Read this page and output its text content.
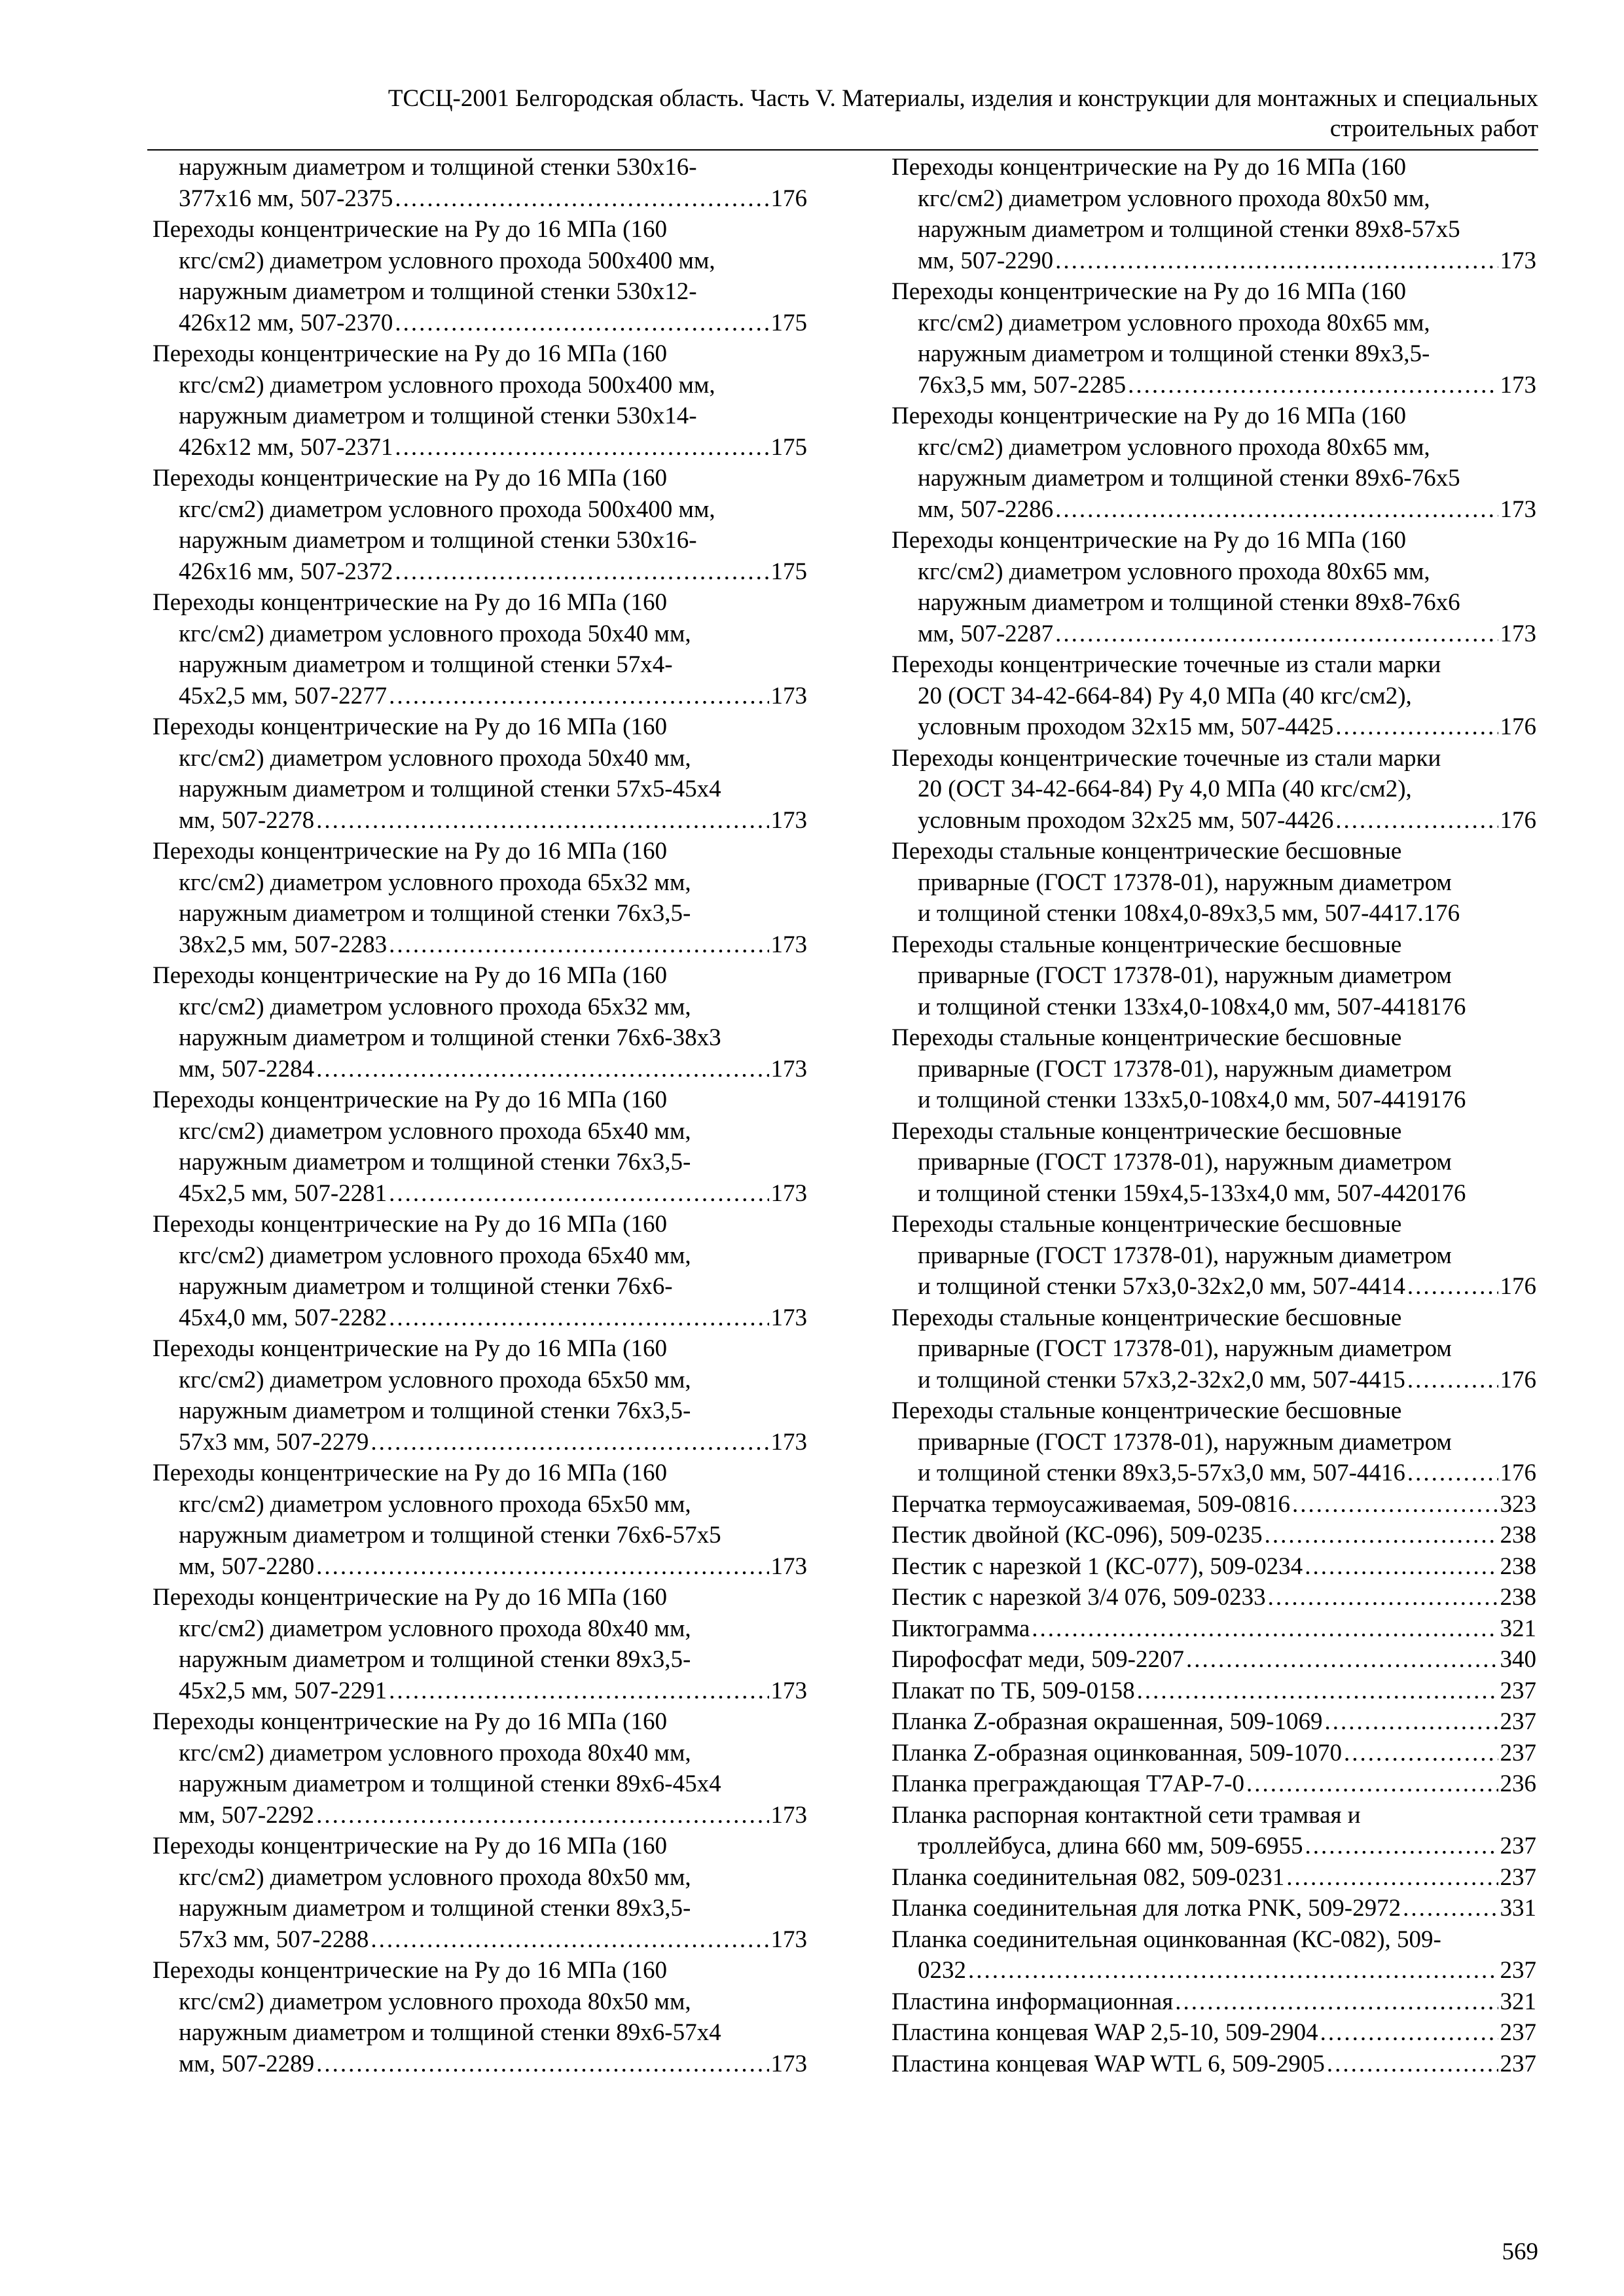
ТССЦ-2001 Белгородская область. Часть V. Материалы, изделия и конструкции для монтажных и специальных
строительных работ
наружным диаметром и толщиной стенки 530х16-
377х16 мм, 507-2375 .....	176
Переходы концентрические на Ру до 16 МПа (160
кгс/см2) диаметром условного прохода 500х400 мм,
наружным диаметром и толщиной стенки 530х12-
426х12 мм, 507-2370 .....	175
Переходы концентрические на Ру до 16 МПа (160
кгс/см2) диаметром условного прохода 500х400 мм,
наружным диаметром и толщиной стенки 530х14-
426х12 мм, 507-2371 .....	175
Переходы концентрические на Ру до 16 МПа (160
кгс/см2) диаметром условного прохода 500х400 мм,
наружным диаметром и толщиной стенки 530х16-
426х16 мм, 507-2372 .....	175
Переходы концентрические на Ру до 16 МПа (160
кгс/см2) диаметром условного прохода 50х40 мм,
наружным диаметром и толщиной стенки 57х4-
45х2,5 мм, 507-2277 .....	173
Переходы концентрические на Ру до 16 МПа (160
кгс/см2) диаметром условного прохода 50х40 мм,
наружным диаметром и толщиной стенки 57х5-45х4
мм, 507-2278 .....	173
Переходы концентрические на Ру до 16 МПа (160
кгс/см2) диаметром условного прохода 65х32 мм,
наружным диаметром и толщиной стенки 76х3,5-
38х2,5 мм, 507-2283 .....	173
Переходы концентрические на Ру до 16 МПа (160
кгс/см2) диаметром условного прохода 65х32 мм,
наружным диаметром и толщиной стенки 76х6-38х3
мм, 507-2284 .....	173
Переходы концентрические на Ру до 16 МПа (160
кгс/см2) диаметром условного прохода 65х40 мм,
наружным диаметром и толщиной стенки 76х3,5-
45х2,5 мм, 507-2281 .....	173
Переходы концентрические на Ру до 16 МПа (160
кгс/см2) диаметром условного прохода 65х40 мм,
наружным диаметром и толщиной стенки 76х6-
45х4,0 мм, 507-2282 .....	173
Переходы концентрические на Ру до 16 МПа (160
кгс/см2) диаметром условного прохода 65х50 мм,
наружным диаметром и толщиной стенки 76х3,5-
57х3 мм, 507-2279 .....	173
Переходы концентрические на Ру до 16 МПа (160
кгс/см2) диаметром условного прохода 65х50 мм,
наружным диаметром и толщиной стенки 76х6-57х5
мм, 507-2280 .....	173
Переходы концентрические на Ру до 16 МПа (160
кгс/см2) диаметром условного прохода 80х40 мм,
наружным диаметром и толщиной стенки 89х3,5-
45х2,5 мм, 507-2291 .....	173
Переходы концентрические на Ру до 16 МПа (160
кгс/см2) диаметром условного прохода 80х40 мм,
наружным диаметром и толщиной стенки 89х6-45х4
мм, 507-2292 .....	173
Переходы концентрические на Ру до 16 МПа (160
кгс/см2) диаметром условного прохода 80х50 мм,
наружным диаметром и толщиной стенки 89х3,5-
57х3 мм, 507-2288 .....	173
Переходы концентрические на Ру до 16 МПа (160
кгс/см2) диаметром условного прохода 80х50 мм,
наружным диаметром и толщиной стенки 89х6-57х4
мм, 507-2289 .....	173
Переходы концентрические на Ру до 16 МПа (160
кгс/см2) диаметром условного прохода 80х50 мм,
наружным диаметром и толщиной стенки 89х8-57х5
мм, 507-2290 .....	173
Переходы концентрические на Ру до 16 МПа (160
кгс/см2) диаметром условного прохода 80х65 мм,
наружным диаметром и толщиной стенки 89х3,5-
76х3,5 мм, 507-2285 .....	173
Переходы концентрические на Ру до 16 МПа (160
кгс/см2) диаметром условного прохода 80х65 мм,
наружным диаметром и толщиной стенки 89х6-76х5
мм, 507-2286 .....	173
Переходы концентрические на Ру до 16 МПа (160
кгс/см2) диаметром условного прохода 80х65 мм,
наружным диаметром и толщиной стенки 89х8-76х6
мм, 507-2287 .....	173
Переходы концентрические точечные из стали марки
20 (ОСТ 34-42-664-84) Ру 4,0 МПа (40 кгс/см2),
условным проходом 32х15 мм, 507-4425 .....	176
Переходы концентрические точечные из стали марки
20 (ОСТ 34-42-664-84) Ру 4,0 МПа (40 кгс/см2),
условным проходом 32х25 мм, 507-4426 .....	176
Переходы стальные концентрические бесшовные
приварные (ГОСТ 17378-01), наружным диаметром
и толщиной стенки 108х4,0-89х3,5 мм, 507-4417. 176
Переходы стальные концентрические бесшовные
приварные (ГОСТ 17378-01), наружным диаметром
и толщиной стенки 133х4,0-108х4,0 мм, 507-4418 176
Переходы стальные концентрические бесшовные
приварные (ГОСТ 17378-01), наружным диаметром
и толщиной стенки 133х5,0-108х4,0 мм, 507-4419 176
Переходы стальные концентрические бесшовные
приварные (ГОСТ 17378-01), наружным диаметром
и толщиной стенки 159х4,5-133х4,0 мм, 507-4420 176
Переходы стальные концентрические бесшовные
приварные (ГОСТ 17378-01), наружным диаметром
и толщиной стенки 57х3,0-32х2,0 мм, 507-4414 .....	176
Переходы стальные концентрические бесшовные
приварные (ГОСТ 17378-01), наружным диаметром
и толщиной стенки 57х3,2-32х2,0 мм, 507-4415 .....	176
Переходы стальные концентрические бесшовные
приварные (ГОСТ 17378-01), наружным диаметром
и толщиной стенки 89х3,5-57х3,0 мм, 507-4416 .....	176
Перчатка термоусаживаемая, 509-0816 .....	323
Пестик двойной (КС-096), 509-0235 .....	238
Пестик с нарезкой 1 (КС-077), 509-0234 .....	238
Пестик с нарезкой 3/4 076, 509-0233 .....	238
Пиктограмма .....	321
Пирофосфат меди, 509-2207 .....	340
Плакат по ТБ, 509-0158 .....	237
Планка Z-образная окрашенная, 509-1069 .....	237
Планка Z-образная оцинкованная, 509-1070 .....	237
Планка преграждающая Т7АР-7-0 .....	236
Планка распорная контактной сети трамвая и
троллейбуса, длина 660 мм, 509-6955 .....	237
Планка соединительная 082, 509-0231 .....	237
Планка соединительная для лотка PNK, 509-2972 .....	331
Планка соединительная оцинкованная (КС-082), 509-
0232 .....	237
Пластина информационная .....	321
Пластина концевая WAP 2,5-10, 509-2904 .....	237
Пластина концевая WAP WTL 6, 509-2905 .....	237
569
